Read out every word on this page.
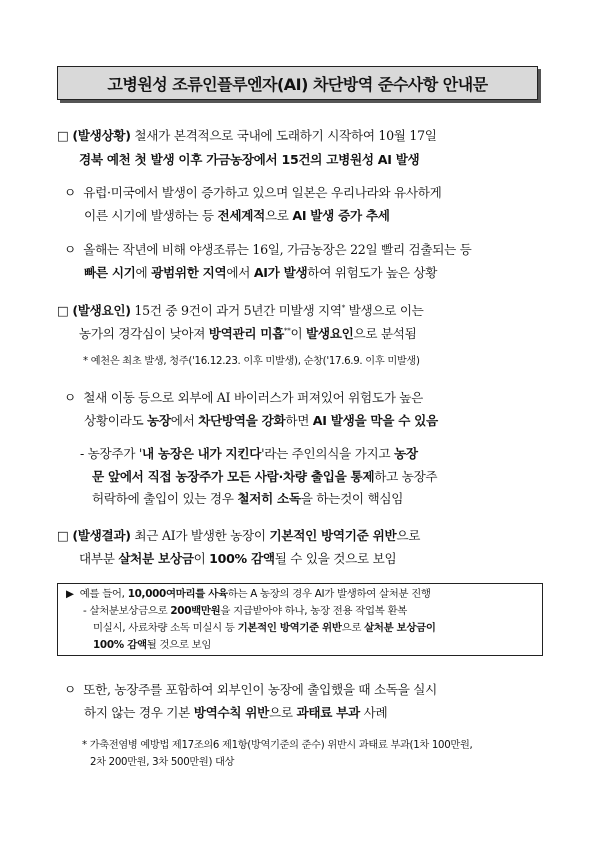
고병원성 조류인플루엔자(AI) 차단방역 준수사항 안내문
□ (발생상황) 철새가 본격적으로 국내에 도래하기 시작하여 10월 17일
경북 예천 첫 발생 이후 가금농장에서 15건의 고병원성 AI 발생
ㅇ 유럽·미국에서 발생이 증가하고 있으며 일본은 우리나라와 유사하게
이른 시기에 발생하는 등 전세계적으로 AI 발생 증가 추세
ㅇ 올해는 작년에 비해 야생조류는 16일, 가금농장은 22일 빨리 검출되는 등
빠른 시기에 광범위한 지역에서 AI가 발생하여 위험도가 높은 상황
□ (발생요인) 15건 중 9건이 과거 5년간 미발생 지역* 발생으로 이는
농가의 경각심이 낮아져 방역관리 미흡**이 발생요인으로 분석됨
* 예천은 최초 발생, 청주('16.12.23. 이후 미발생), 순창('17.6.9. 이후 미발생)
ㅇ 철새 이동 등으로 외부에 AI 바이러스가 퍼져있어 위험도가 높은
상황이라도 농장에서 차단방역을 강화하면 AI 발생을 막을 수 있음
- 농장주가 '내 농장은 내가 지킨다'라는 주인의식을 가지고 농장
문 앞에서 직접 농장주가 모든 사람·차량 출입을 통제하고 농장주
허락하에 출입이 있는 경우 철저히 소독을 하는것이 핵심임
□ (발생결과) 최근 AI가 발생한 농장이 기본적인 방역기준 위반으로
대부분 살처분 보상금이 100% 감액될 수 있을 것으로 보임
▶ 예를 들어, 10,000여마리를 사육하는 A 농장의 경우 AI가 발생하여 살처분 진행
- 살처분보상금으로 200백만원을 지급받아야 하나, 농장 전용 작업복 환복
미실시, 사료차량 소독 미실시 등 기본적인 방역기준 위반으로 살처분 보상금이
100% 감액될 것으로 보임
ㅇ 또한, 농장주를 포함하여 외부인이 농장에 출입했을 때 소독을 실시
하지 않는 경우 기본 방역수칙 위반으로 과태료 부과 사례
* 가축전염병 예방법 제17조의6 제1항(방역기준의 준수) 위반시 과태료 부과(1차 100만원,
2차 200만원, 3차 500만원) 대상
